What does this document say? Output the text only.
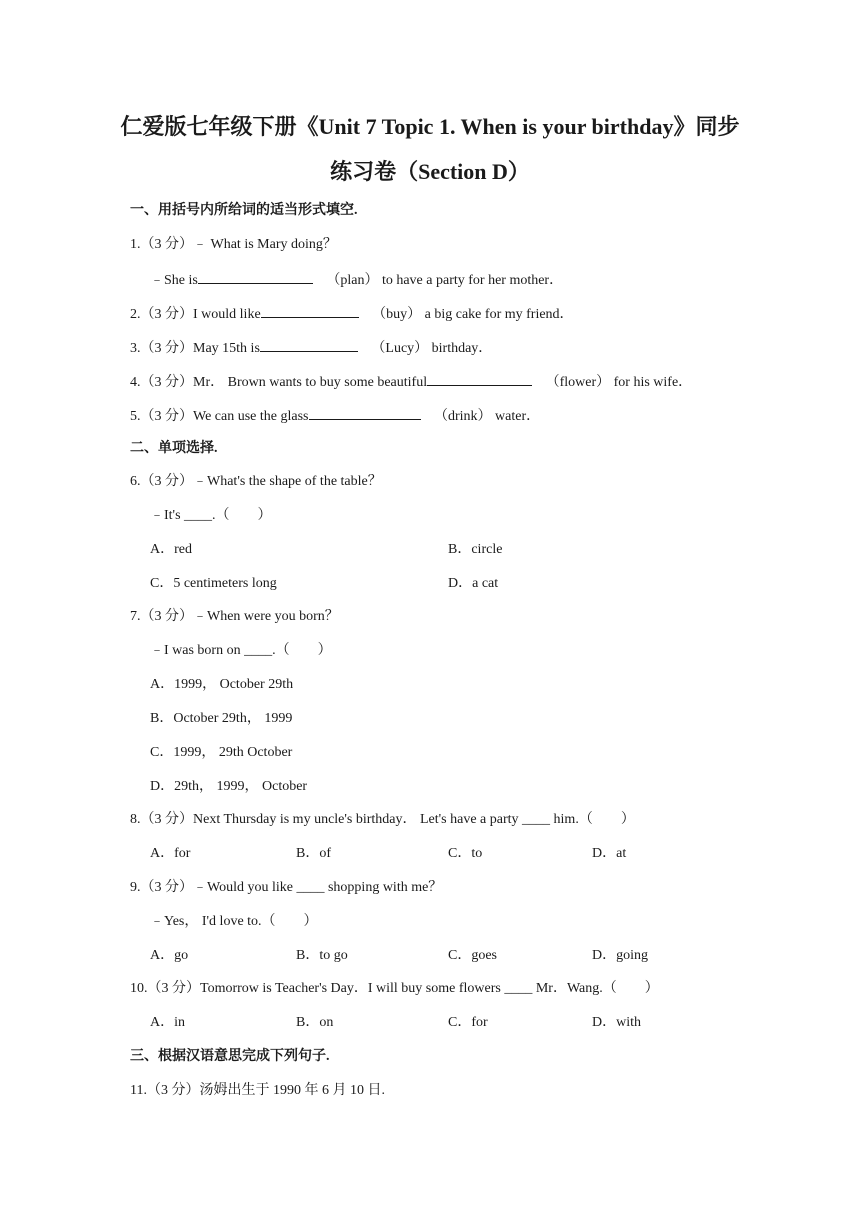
仁爱版七年级下册《Unit 7 Topic 1. When is your birthday》同步
练习卷（Section D）
一、用括号内所给词的适当形式填空.
1.（3 分）﹣ What is Mary doing？
﹣She is	（plan） to have a party for her mother．
2.（3 分）I would like	（buy） a big cake for my friend．
3.（3 分）May 15th is	（Lucy） birthday．
4.（3 分）Mr． Brown wants to buy some beautiful	（flower） for his wife．
5.（3 分）We can use the glass	（drink） water．
二、单项选择.
6.（3 分）﹣What's the shape of the table？
﹣It's ____.（　　）
A．red	B．circle
C．5 centimeters long	D．a cat
7.（3 分）﹣When were you born？
﹣I was born on ____.（　　）
A．1999， October 29th
B．October 29th， 1999
C．1999， 29th October
D．29th， 1999， October
8.（3 分）Next Thursday is my uncle's birthday． Let's have a party ____ him.（　　）
A．for	B．of	C．to	D．at
9.（3 分）﹣Would you like ____ shopping with me？
﹣Yes， I'd love to.（　　）
A．go	B．to go	C．goes	D．going
10.（3 分）Tomorrow is Teacher's Day．I will buy some flowers ____ Mr．Wang.（　　）
A．in	B．on	C．for	D．with
三、根据汉语意思完成下列句子.
11.（3 分）汤姆出生于 1990 年 6 月 10 日.
